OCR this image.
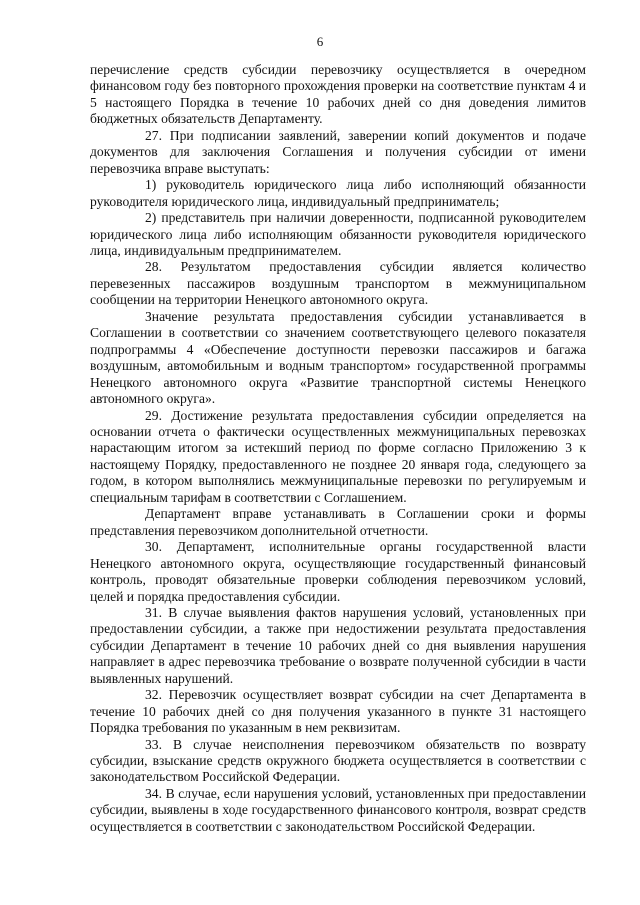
6

перечисление средств субсидии перевозчику осуществляется в очередном финансовом году без повторного прохождения проверки на соответствие пунктам 4 и 5 настоящего Порядка в течение 10 рабочих дней со дня доведения лимитов бюджетных обязательств Департаменту.

27. При подписании заявлений, заверении копий документов и подаче документов для заключения Соглашения и получения субсидии от имени перевозчика вправе выступать:

1) руководитель юридического лица либо исполняющий обязанности руководителя юридического лица, индивидуальный предприниматель;

2) представитель при наличии доверенности, подписанной руководителем юридического лица либо исполняющим обязанности руководителя юридического лица, индивидуальным предпринимателем.

28. Результатом предоставления субсидии является количество перевезенных пассажиров воздушным транспортом в межмуниципальном сообщении на территории Ненецкого автономного округа.

Значение результата предоставления субсидии устанавливается в Соглашении в соответствии со значением соответствующего целевого показателя подпрограммы 4 «Обеспечение доступности перевозки пассажиров и багажа воздушным, автомобильным и водным транспортом» государственной программы Ненецкого автономного округа «Развитие транспортной системы Ненецкого автономного округа».

29. Достижение результата предоставления субсидии определяется на основании отчета о фактически осуществленных межмуниципальных перевозках нарастающим итогом за истекший период по форме согласно Приложению 3 к настоящему Порядку, предоставленного не позднее 20 января года, следующего за годом, в котором выполнялись межмуниципальные перевозки по регулируемым и специальным тарифам в соответствии с Соглашением.

Департамент вправе устанавливать в Соглашении сроки и формы представления перевозчиком дополнительной отчетности.

30. Департамент, исполнительные органы государственной власти Ненецкого автономного округа, осуществляющие государственный финансовый контроль, проводят обязательные проверки соблюдения перевозчиком условий, целей и порядка предоставления субсидии.

31. В случае выявления фактов нарушения условий, установленных при предоставлении субсидии, а также при недостижении результата предоставления субсидии Департамент в течение 10 рабочих дней со дня выявления нарушения направляет в адрес перевозчика требование о возврате полученной субсидии в части выявленных нарушений.

32. Перевозчик осуществляет возврат субсидии на счет Департамента в течение 10 рабочих дней со дня получения указанного в пункте 31 настоящего Порядка требования по указанным в нем реквизитам.

33. В случае неисполнения перевозчиком обязательств по возврату субсидии, взыскание средств окружного бюджета осуществляется в соответствии с законодательством Российской Федерации.

34. В случае, если нарушения условий, установленных при предоставлении субсидии, выявлены в ходе государственного финансового контроля, возврат средств осуществляется в соответствии с законодательством Российской Федерации.
